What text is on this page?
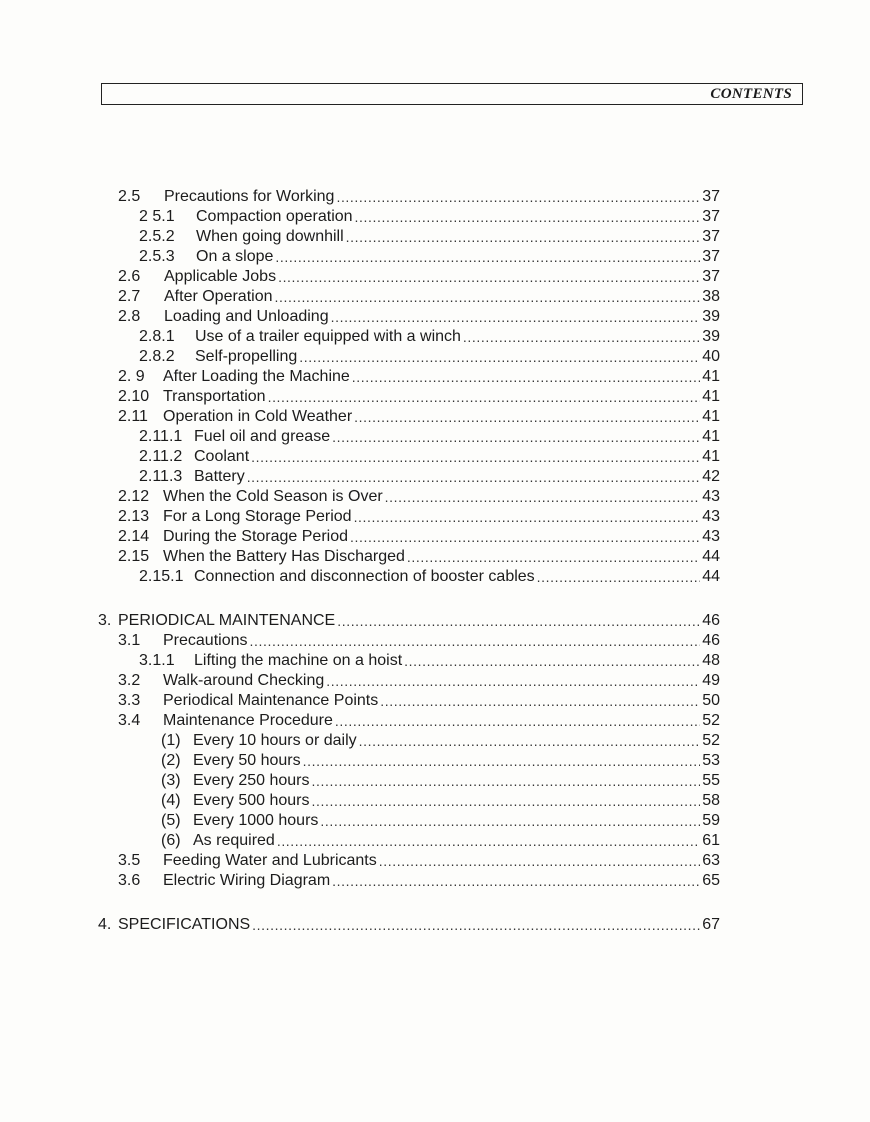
CONTENTS
2.5	Precautions for Working .....	37
2 5.1	Compaction operation .....	37
2.5.2	When going downhill .....	37
2.5.3	On a slope .....	37
2.6	Applicable Jobs .....	37
2.7	After Operation .....	38
2.8	Loading and Unloading .....	39
2.8.1	Use of a trailer equipped with a winch .....	39
2.8.2	Self-propelling .....	40
2. 9	After Loading the Machine .....	41
2.10 Transportation .....	41
2.11 Operation in Cold Weather .....	41
2.11.1 Fuel oil and grease .....	41
2.11.2 Coolant .....	41
2.11.3 Battery .....	42
2.12 When the Cold Season is Over .....	43
2.13 For a Long Storage Period .....	43
2.14 During the Storage Period .....	43
2.15 When the Battery Has Discharged .....	44
2.15.1 Connection and disconnection of booster cables .....	44
3. PERIODICAL MAINTENANCE .....	46
3.1	Precautions .....	46
3.1.1	Lifting the machine on a hoist .....	48
3.2	Walk-around Checking .....	49
3.3	Periodical Maintenance Points .....	50
3.4	Maintenance Procedure .....	52
(1) Every 10 hours or daily .....	52
(2) Every 50 hours .....	53
(3) Every 250 hours .....	55
(4) Every 500 hours .....	58
(5) Every 1000 hours .....	59
(6) As required .....	61
3.5	Feeding Water and Lubricants .....	63
3.6	Electric Wiring Diagram .....	65
4. SPECIFICATIONS .....	67
